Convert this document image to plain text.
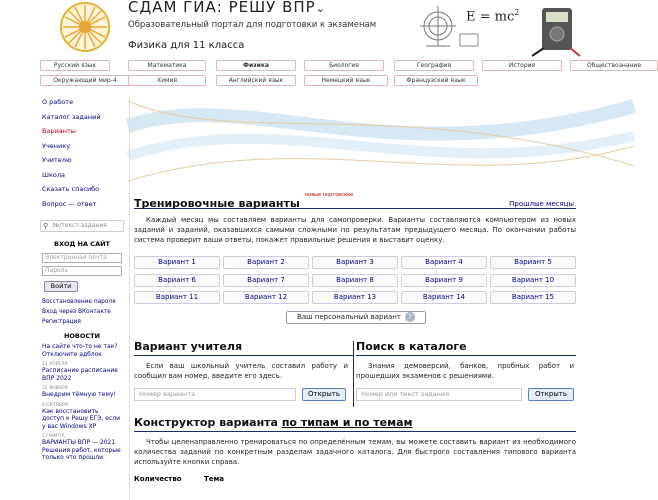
СДАМ ГИА: РЕШУ ВПР⌄
Образовательный портал для подготовки к экзаменам
Физика для 11 класса
$E = mc^2$
Русский язык	Математика	Физика	Биология	География	История	Обществознание
Окружающий мир-4	Химия	Английский язык	Немецкий язык	Французский язык
О работе
Каталог заданий
Варианты
Ученику
Учителю
Школа
Сказать спасибо
Вопрос — ответ
⚲ №/текст задания
ВХОД НА САЙТ
Электронная почта
Пароль
Войти
Восстановление пароля
Вход через ВКонтакте
Регистрация
НОВОСТИ
На сайте что-то не так? Отключите адблок
11 АПРЕЛЯ
Расписание расписание ВПР 2022
31 ЯНВАРЯ
Внедрим тёмную тему!
4 ОКТЯБРЯ
Как восстановить доступ к Решу ЕГЭ, если у вас Windows XP
17 МАРТА
ВАРИАНТЫ ВПР — 2021 Решения работ, которые только что прошли.
Тренировочные варианты $^{новые нортовские}$
Прошлые месяцы

Каждый месяц мы составляем варианты для самопроверки. Варианты составляются компьютером из новых заданий и заданий, оказавшихся самыми сложными по результатам предыдущего месяца. По окончании работы система проверит ваши ответы, покажет правильные решения и выставит оценку.

Вариант 1	Вариант 2	Вариант 3	Вариант 4	Вариант 5
Вариант 6	Вариант 7	Вариант 8	Вариант 9	Вариант 10
Вариант 11	Вариант 12	Вариант 13	Вариант 14	Вариант 15
Ваш персональный вариант ?
Вариант учителя

Если ваш школьный учитель составил работу и сообщил вам номер, введите его здесь.

Номер варианта	Открыть
Поиск в каталоге

Знания демоверсий, банков, пробных работ и прошедших экзаменов с решениями.

Номер или текст задания	Открыть
Конструктор варианта по типам и по темам

Чтобы целенаправленно тренироваться по определённым темам, вы можете составить вариант из необходимого количества заданий по конкретным разделам задачного каталога. Для быстрого составления типового варианта используйте кнопки справа.

Количество	Тема
